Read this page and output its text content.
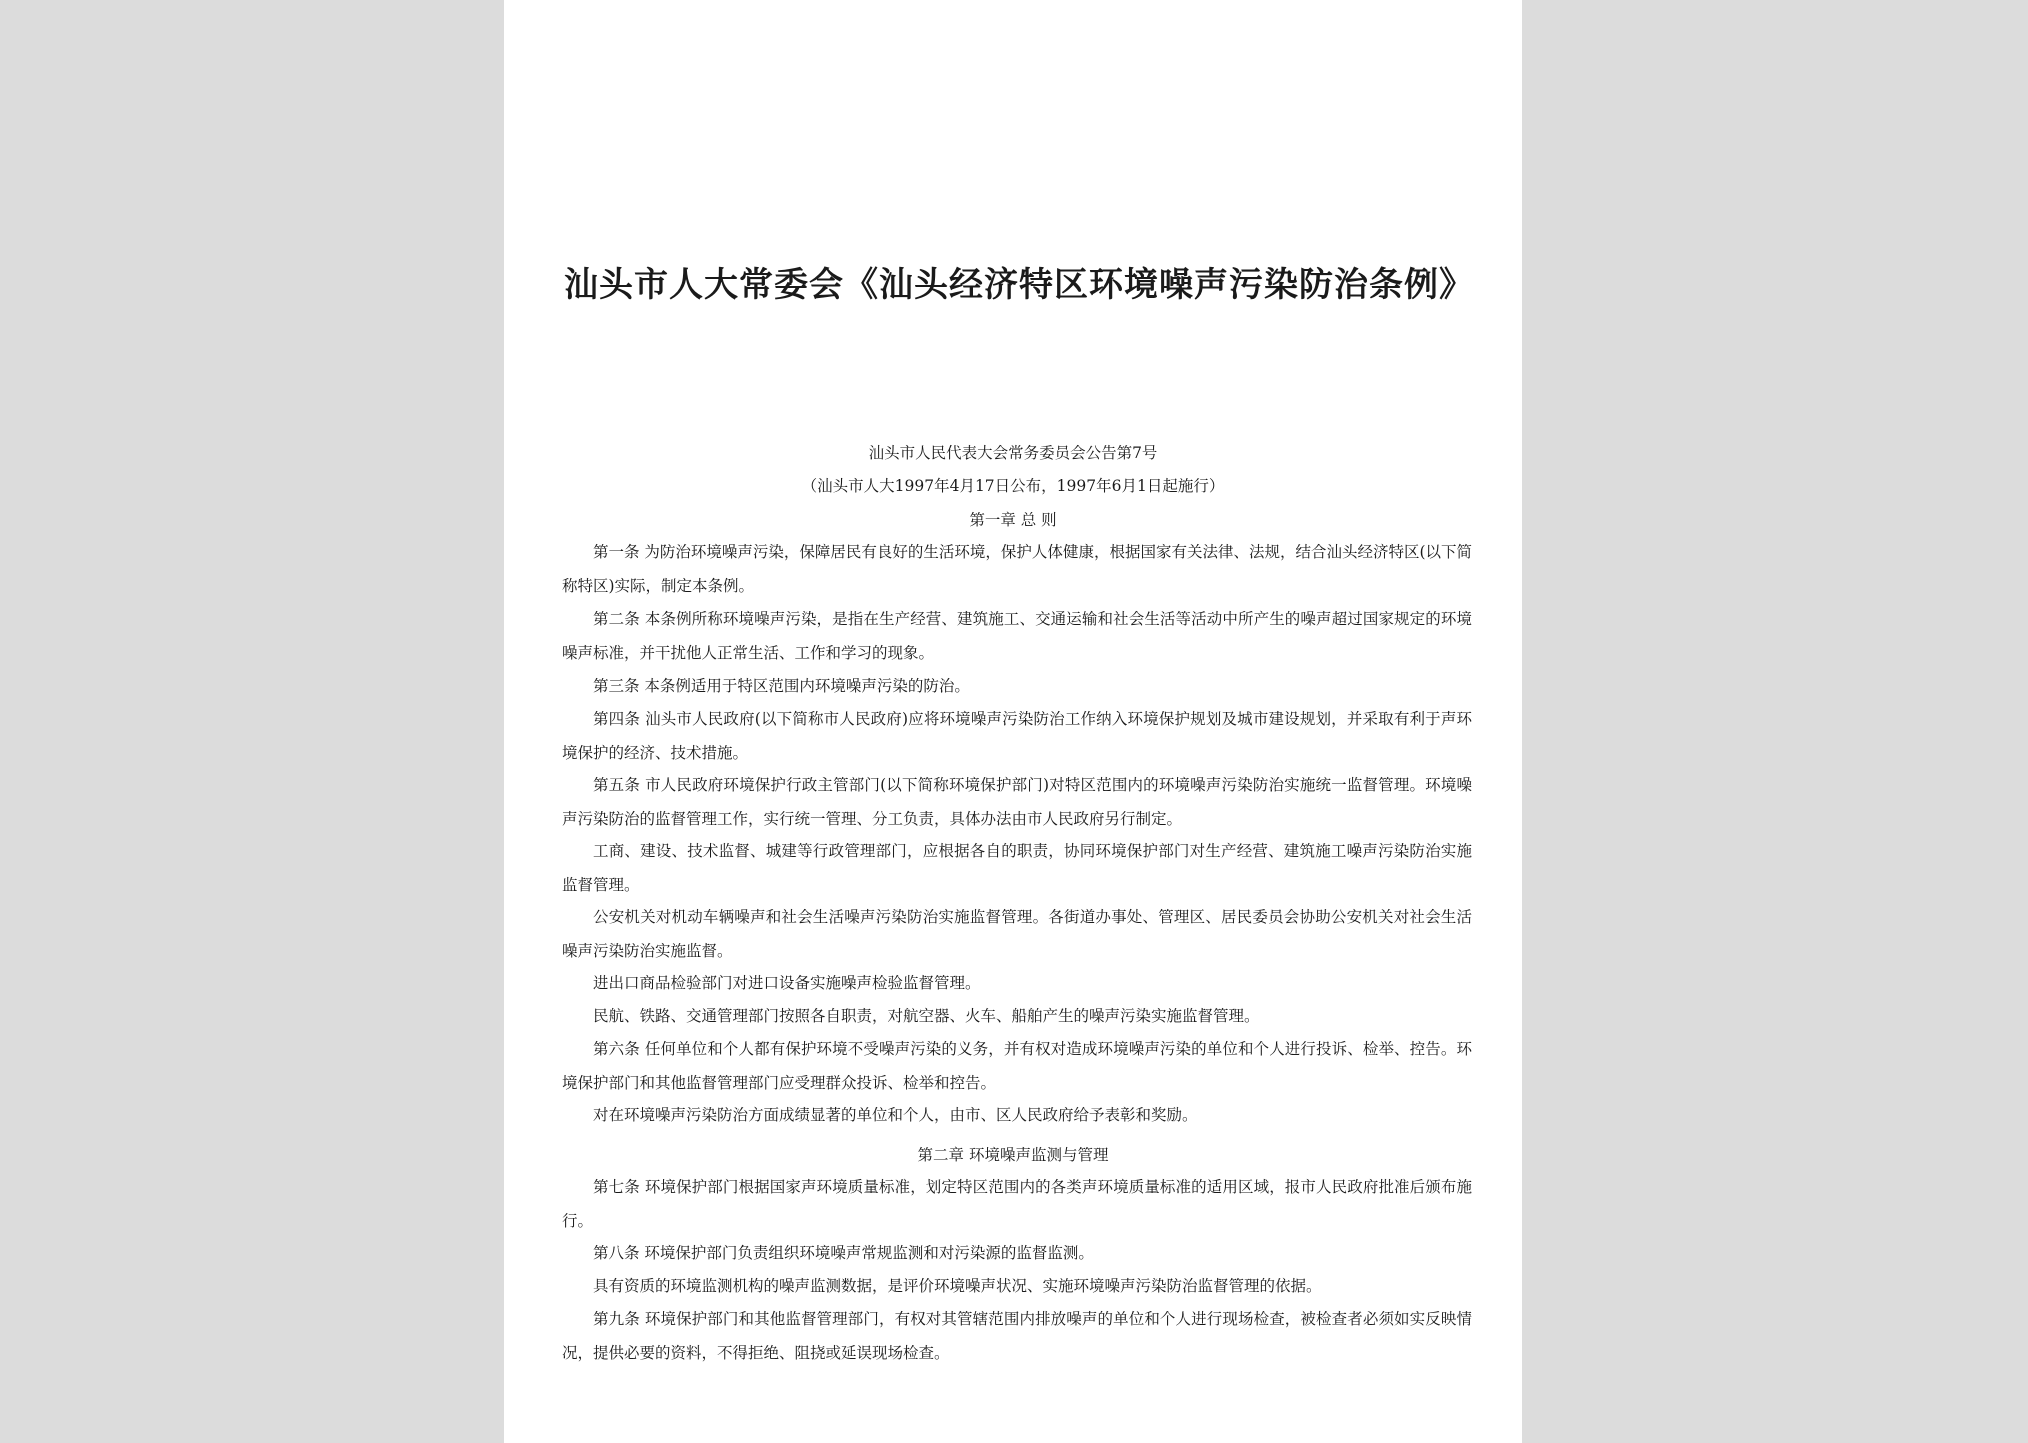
汕头市人大常委会《汕头经济特区环境噪声污染防治条例》

汕头市人民代表大会常务委员会公告第7号

（汕头市人大1997年4月17日公布，1997年6月1日起施行）

第一章 总 则

第一条 为防治环境噪声污染，保障居民有良好的生活环境，保护人体健康，根据国家有关法律、法规，结合汕头经济特区(以下简称特区)实际，制定本条例。

第二条 本条例所称环境噪声污染，是指在生产经营、建筑施工、交通运输和社会生活等活动中所产生的噪声超过国家规定的环境噪声标准，并干扰他人正常生活、工作和学习的现象。

第三条 本条例适用于特区范围内环境噪声污染的防治。

第四条 汕头市人民政府(以下简称市人民政府)应将环境噪声污染防治工作纳入环境保护规划及城市建设规划，并采取有利于声环境保护的经济、技术措施。

第五条 市人民政府环境保护行政主管部门(以下简称环境保护部门)对特区范围内的环境噪声污染防治实施统一监督管理。环境噪声污染防治的监督管理工作，实行统一管理、分工负责，具体办法由市人民政府另行制定。

工商、建设、技术监督、城建等行政管理部门，应根据各自的职责，协同环境保护部门对生产经营、建筑施工噪声污染防治实施监督管理。

公安机关对机动车辆噪声和社会生活噪声污染防治实施监督管理。各街道办事处、管理区、居民委员会协助公安机关对社会生活噪声污染防治实施监督。

进出口商品检验部门对进口设备实施噪声检验监督管理。

民航、铁路、交通管理部门按照各自职责，对航空器、火车、船舶产生的噪声污染实施监督管理。

第六条 任何单位和个人都有保护环境不受噪声污染的义务，并有权对造成环境噪声污染的单位和个人进行投诉、检举、控告。环境保护部门和其他监督管理部门应受理群众投诉、检举和控告。

对在环境噪声污染防治方面成绩显著的单位和个人，由市、区人民政府给予表彰和奖励。

第二章 环境噪声监测与管理

第七条 环境保护部门根据国家声环境质量标准，划定特区范围内的各类声环境质量标准的适用区域，报市人民政府批准后颁布施行。

第八条 环境保护部门负责组织环境噪声常规监测和对污染源的监督监测。

具有资质的环境监测机构的噪声监测数据，是评价环境噪声状况、实施环境噪声污染防治监督管理的依据。

第九条 环境保护部门和其他监督管理部门，有权对其管辖范围内排放噪声的单位和个人进行现场检查，被检查者必须如实反映情况，提供必要的资料，不得拒绝、阻挠或延误现场检查。
